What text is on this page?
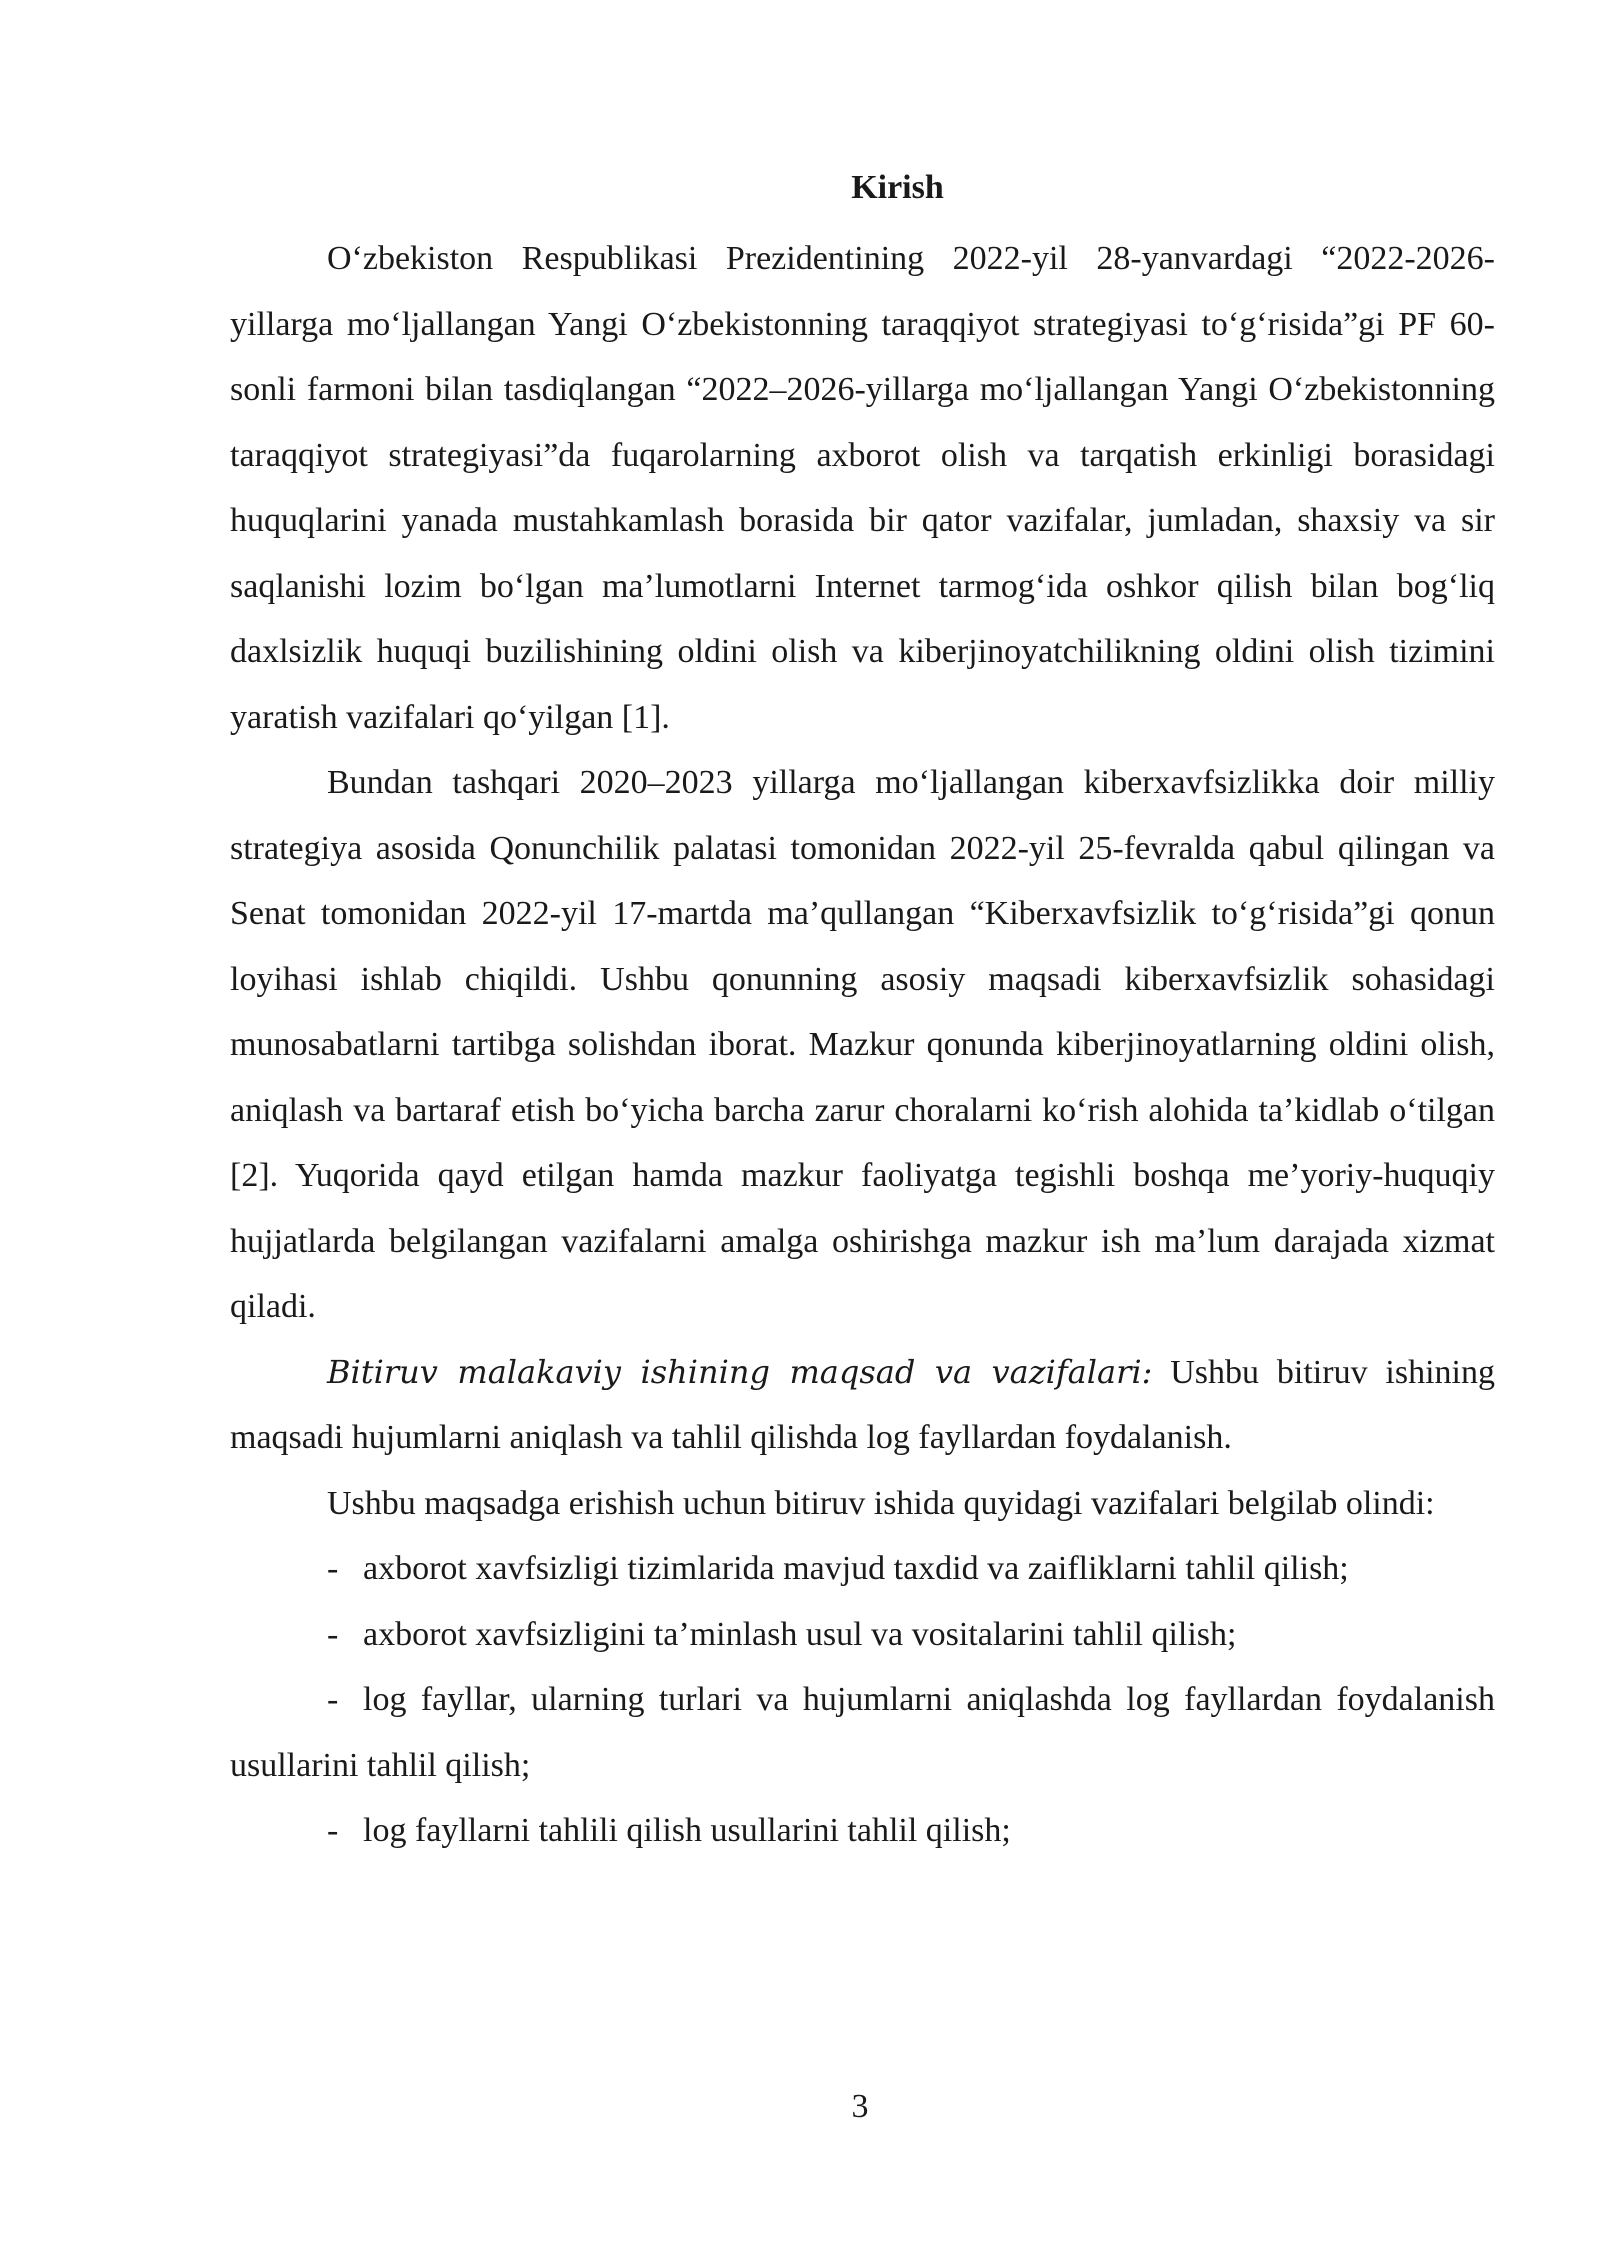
Kirish

O‘zbekiston Respublikasi Prezidentining 2022-yil 28-yanvardagi “2022-2026-yillarga mo‘ljallangan Yangi O‘zbekistonning taraqqiyot strategiyasi to‘g‘risida”gi PF 60-sonli farmoni bilan tasdiqlangan “2022–2026-yillarga mo‘ljallangan Yangi O‘zbekistonning taraqqiyot strategiyasi”da fuqarolarning axborot olish va tarqatish erkinligi borasidagi huquqlarini yanada mustahkamlash borasida bir qator vazifalar, jumladan, shaxsiy va sir saqlanishi lozim bo‘lgan ma’lumotlarni Internet tarmog‘ida oshkor qilish bilan bog‘liq daxlsizlik huquqi buzilishining oldini olish va kiberjinoyatchilikning oldini olish tizimini yaratish vazifalari qo‘yilgan [1].

Bundan tashqari 2020–2023 yillarga mo‘ljallangan kiberxavfsizlikka doir milliy strategiya asosida Qonunchilik palatasi tomonidan 2022-yil 25-fevralda qabul qilingan va Senat tomonidan 2022-yil 17-martda ma’qullangan “Kiberxavfsizlik to‘g‘risida”gi qonun loyihasi ishlab chiqildi. Ushbu qonunning asosiy maqsadi kiberxavfsizlik sohasidagi munosabatlarni tartibga solishdan iborat. Mazkur qonunda kiberjinoyatlarning oldini olish, aniqlash va bartaraf etish bo‘yicha barcha zarur choralarni ko‘rish alohida ta’kidlab o‘tilgan [2]. Yuqorida qayd etilgan hamda mazkur faoliyatga tegishli boshqa me’yoriy-huquqiy hujjatlarda belgilangan vazifalarni amalga oshirishga mazkur ish ma’lum darajada xizmat qiladi.

Bitiruv malakaviy ishining maqsad va vazifalari: Ushbu bitiruv ishining maqsadi hujumlarni aniqlash va tahlil qilishda log fayllardan foydalanish.

Ushbu maqsadga erishish uchun bitiruv ishida quyidagi vazifalari belgilab olindi:

- axborot xavfsizligi tizimlarida mavjud taxdid va zaifliklarni tahlil qilish;
- axborot xavfsizligini ta’minlash usul va vositalarini tahlil qilish;
- log fayllar, ularning turlari va hujumlarni aniqlashda log fayllardan foydalanish usullarini tahlil qilish;
- log fayllarni tahlili qilish usullarini tahlil qilish;
3
